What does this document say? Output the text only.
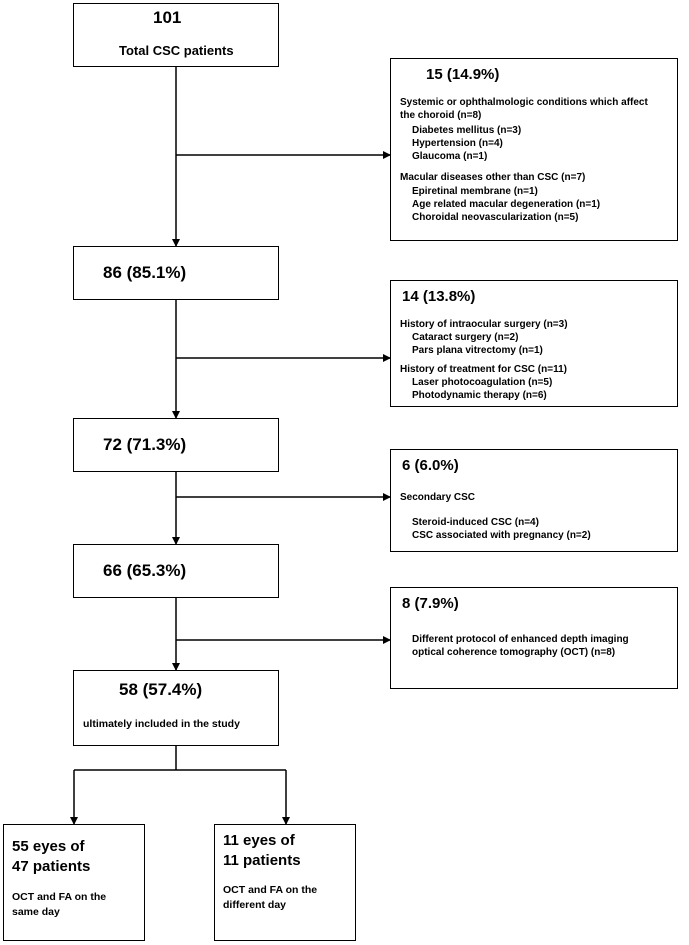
101
Total CSC patients
86 (85.1%)
72 (71.3%)
66 (65.3%)
58 (57.4%)
ultimately included in the study
15 (14.9%)
Systemic or ophthalmologic conditions which affect
the choroid (n=8)
Diabetes mellitus (n=3)
Hypertension (n=4)
Glaucoma (n=1)
Macular diseases other than CSC (n=7)
Epiretinal membrane (n=1)
Age related macular degeneration (n=1)
Choroidal neovascularization (n=5)
14 (13.8%)
History of intraocular surgery (n=3)
Cataract surgery (n=2)
Pars plana vitrectomy (n=1)
History of treatment for CSC (n=11)
Laser photocoagulation (n=5)
Photodynamic therapy (n=6)
6 (6.0%)
Secondary CSC
Steroid-induced CSC (n=4)
CSC associated with pregnancy (n=2)
8 (7.9%)
Different protocol of enhanced depth imaging
optical coherence tomography (OCT) (n=8)
55 eyes of
47 patients
OCT and FA on the
same day
11 eyes of
11 patients
OCT and FA on the
different day
